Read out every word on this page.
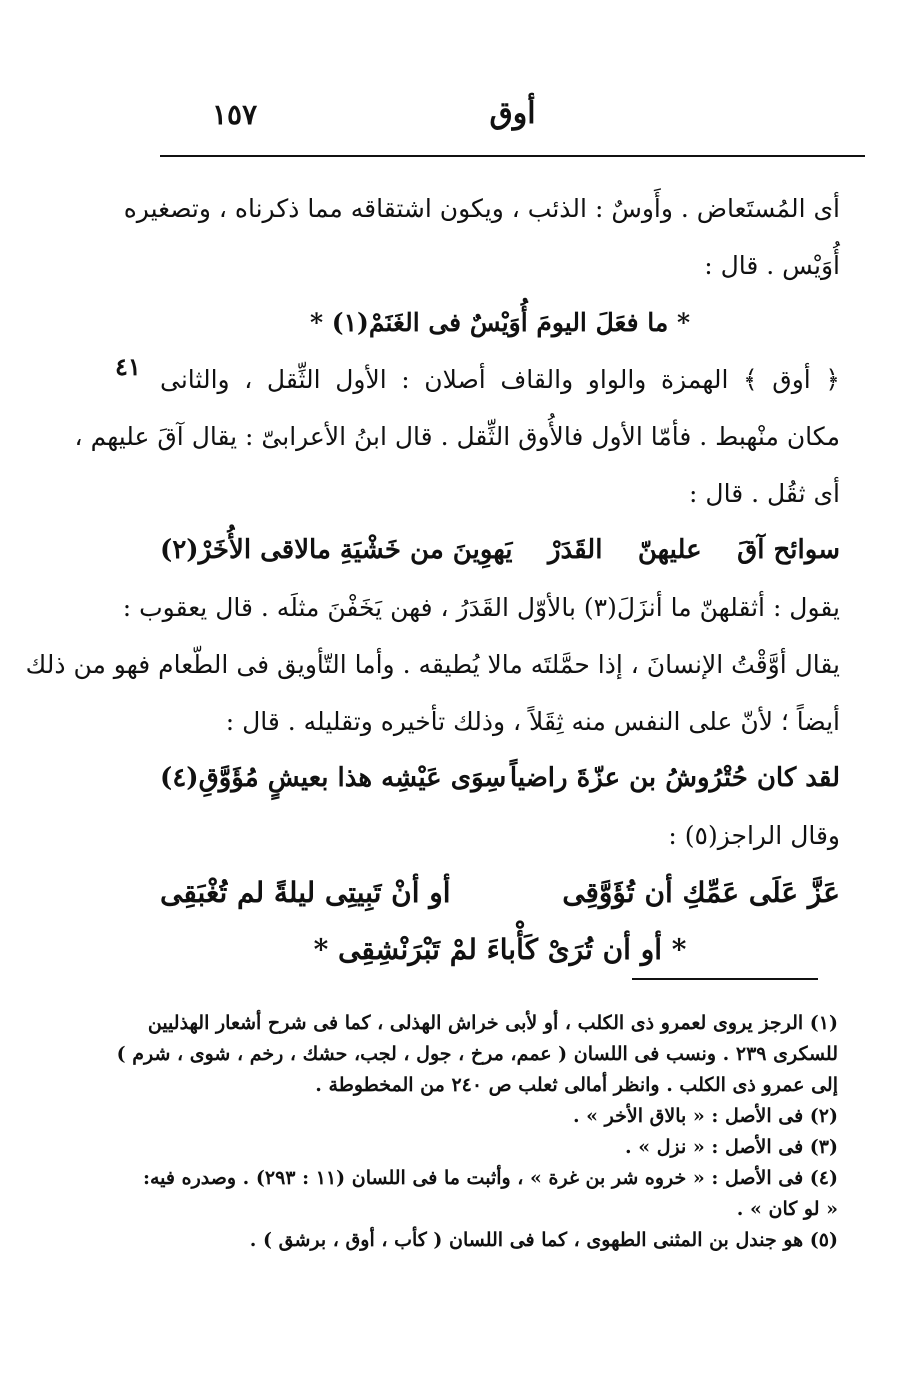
أوق
١٥٧
٤١
أى المُستَعاض . وأَوسٌ : الذئب ، ويكون اشتقاقه مما ذكرناه ، وتصغيره
أُوَيْس . قال :
* ما فعَلَ اليومَ أُوَيْسٌ فى الغَنَمْ(١) *
﴿ أوق ﴾ الهمزة والواو والقاف أصلان : الأول الثِّقل ، والثانى
مكان منْهبط . فأمّا الأول فالأُوق الثِّقل . قال ابنُ الأعرابىّ : يقال آقَ عليهم ،
أى ثقُل . قال :
سوائح آقَ
عليهنّ
القَدَرْ
يَهوِينَ من خَشْيَةِ مالاقى الأُخَرْ(٢)
يقول : أثقلهنّ ما أنزَلَ(٣) بالأوّل القَدَرُ ، فهن يَخَفْنَ مثلَه . قال يعقوب :
يقال أوَّقْتُ الإنسانَ ، إذا حمَّلتَه مالا يُطيقه . وأما التّأويق فى الطّعام فهو من ذلك
أيضاً ؛ لأنّ على النفس منه ثِقَلاً ، وذلك تأخيره وتقليله . قال :
لقد كان حُتْرُوشُ بن عزّةَ راضياً
سِوَى عَيْشِه هذا بعيشٍ مُؤَوَّقِ(٤)
وقال الراجز(٥) :
عَزَّ عَلَى عَمِّكِ أن تُؤَوَّقِى
أو أنْ تَبِيتِى ليلةً لم تُغْبَقِى
* أو أن تُرَىْ كَأْباءَ لمْ تَبْرَنْشِقِى *
(١) الرجز يروى لعمرو ذى الكلب ، أو لأبى خراش الهذلى ، كما فى شرح أشعار الهذليين
للسكرى ٢٣٩ . ونسب فى اللسان ( عمم، مرخ ، جول ، لجب، حشك ، رخم ، شوى ، شرم )
إلى عمرو ذى الكلب . وانظر أمالى ثعلب ص ٢٤٠ من المخطوطة .
(٢) فى الأصل : « بالاق الأخر » .
(٣) فى الأصل : « نزل » .
(٤) فى الأصل : « خروه شر بن غرة » ، وأثبت ما فى اللسان (١١ : ٢٩٣) . وصدره فيه:
« لو كان » .
(٥) هو جندل بن المثنى الطهوى ، كما فى اللسان ( كأب ، أوق ، برشق ) .
